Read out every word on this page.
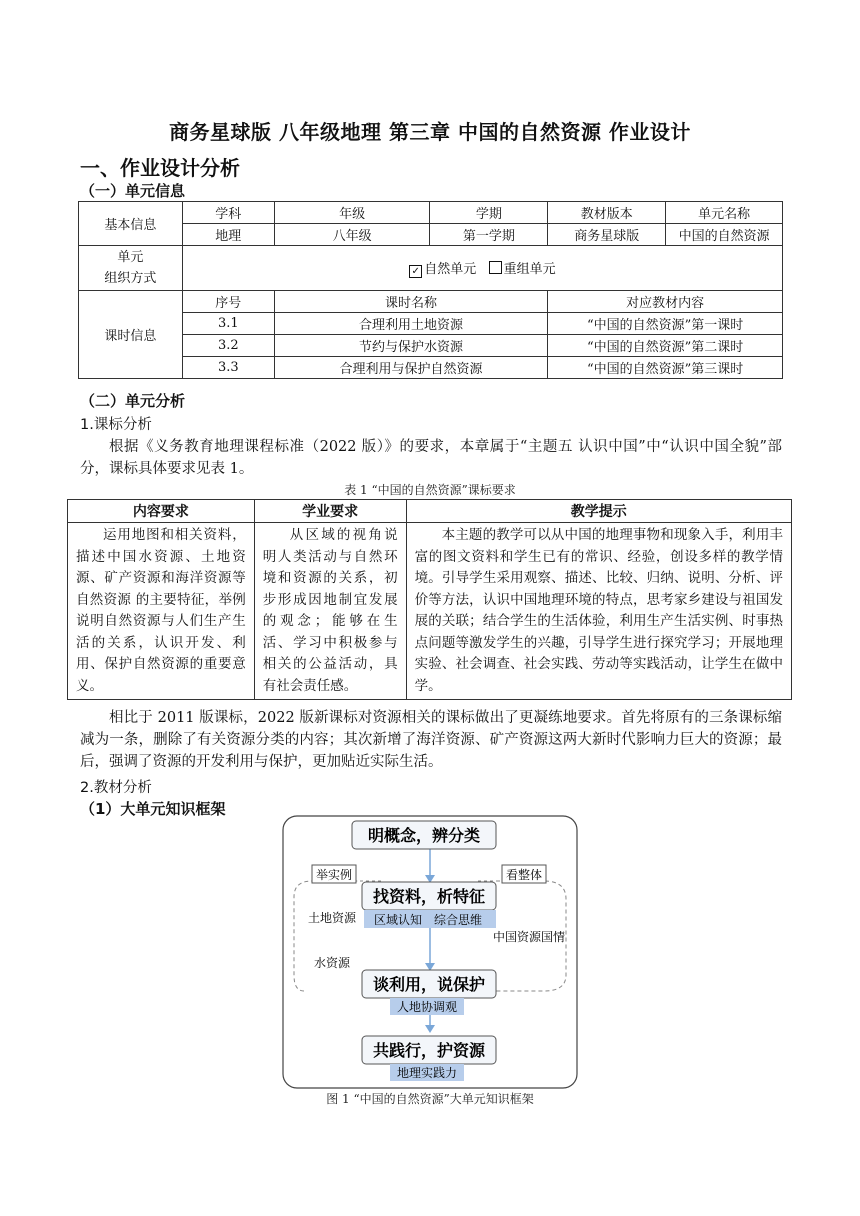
商务星球版 八年级地理 第三章 中国的自然资源 作业设计
一、作业设计分析
（一）单元信息
基本信息	学科	年级	学期	教材版本	单元名称
	地理	八年级	第一学期	商务星球版	中国的自然资源
单元
组织方式	✓ 自然单元 重组单元				
课时信息	序号	课时名称		对应教材内容	
	3.1	合理利用土地资源		“中国的自然资源”第一课时	
	3.2	节约与保护水资源		“中国的自然资源”第二课时	
	3.3	合理利用与保护自然资源		“中国的自然资源”第三课时	
（二）单元分析
1.课标分析
根据《义务教育地理课程标准（2022 版）》的要求，本章属于“主题五 认识中国”中“认识中国全貌”部分，课标具体要求见表 1。
表 1 “中国的自然资源”课标要求
内容要求	学业要求	教学提示
运用地图和相关资料，描述中国水资源、土地资源、矿产资源和海洋资源等 自然资源 的主要特征，举例说明自然资源与人们生产生活的关系，认识开发、利用、保护自然资源的重要意义。	从区域的视角说明人类活动与自然环境和资源的关系，初步形成因地制宜发展的观念；能够在生活、学习中积极参与相关的公益活动，具有社会责任感。	本主题的教学可以从中国的地理事物和现象入手，利用丰富的图文资料和学生已有的常识、经验，创设多样的教学情境。引导学生采用观察、描述、比较、归纳、说明、分析、评价等方法，认识中国地理环境的特点，思考家乡建设与祖国发展的关联；结合学生的生活体验，利用生产生活实例、时事热点问题等激发学生的兴趣，引导学生进行探究学习；开展地理实验、社会调查、社会实践、劳动等实践活动，让学生在做中学。
相比于 2011 版课标，2022 版新课标对资源相关的课标做出了更凝练地要求。首先将原有的三条课标缩减为一条，删除了有关资源分类的内容；其次新增了海洋资源、矿产资源这两大新时代影响力巨大的资源；最后，强调了资源的开发利用与保护，更加贴近实际生活。
2.教材分析
（1）大单元知识框架
明概念，辨分类
找资料，析特征
区域认知 综合思维
谈利用，说保护
人地协调观
共践行，护资源
地理实践力
举实例	看整体
土地资源
水资源
中国资源国情
图 1 “中国的自然资源”大单元知识框架
